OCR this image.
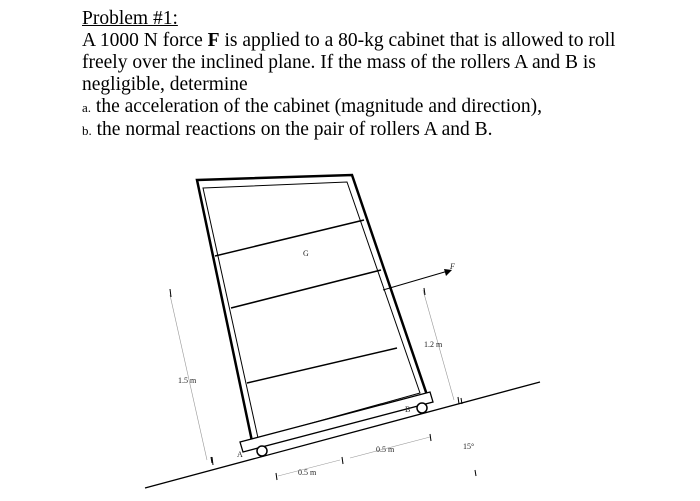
Problem #1:
A 1000 N force F is applied to a 80-kg cabinet that is allowed to roll
freely over the inclined plane. If the mass of the rollers A and B is
negligible, determine
a. the acceleration of the cabinet (magnitude and direction),
b. the normal reactions on the pair of rollers A and B.
G
F
A
B
1.5 m
1.2 m
0.5 m
0.5 m	15°
